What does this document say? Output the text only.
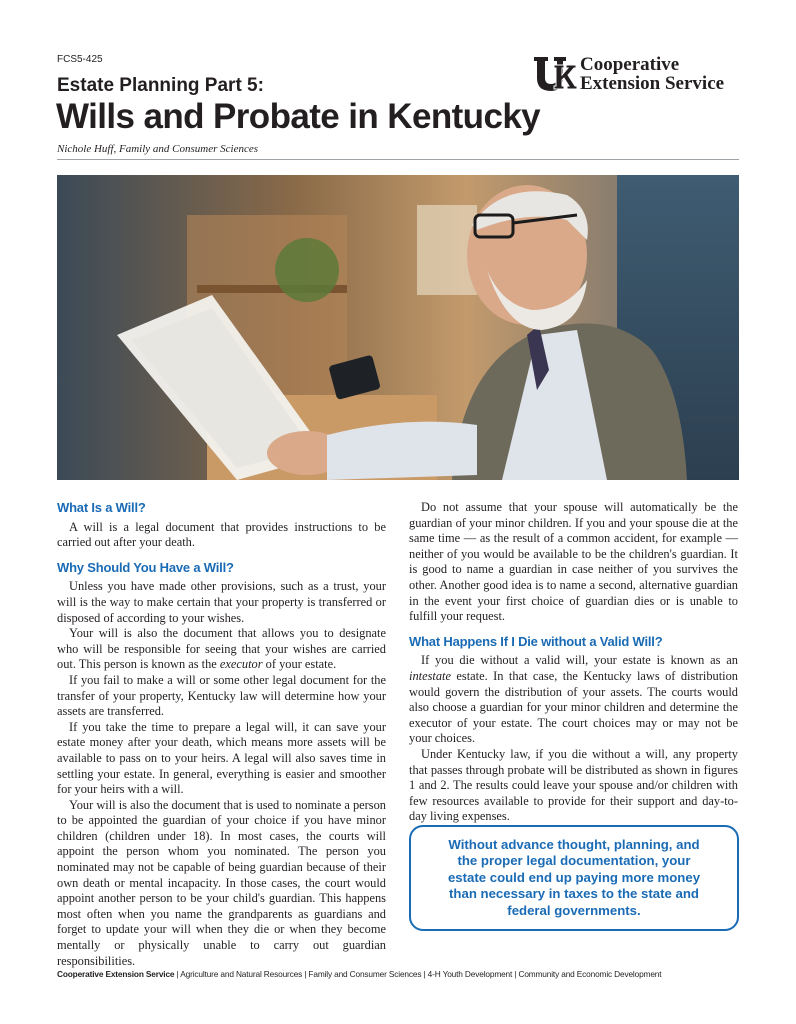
FCS5-425
Estate Planning Part 5:
Wills and Probate in Kentucky
Nichole Huff, Family and Consumer Sciences
Cooperative
Extension Service
What Is a Will?

A will is a legal document that provides instructions to be carried out after your death.

Why Should You Have a Will?

Unless you have made other provisions, such as a trust, your will is the way to make certain that your property is transferred or disposed of according to your wishes.

Your will is also the document that allows you to designate who will be responsible for seeing that your wishes are carried out. This person is known as the executor of your estate.

If you fail to make a will or some other legal document for the transfer of your property, Kentucky law will determine how your assets are transferred.

If you take the time to prepare a legal will, it can save your estate money after your death, which means more assets will be available to pass on to your heirs. A legal will also saves time in settling your estate. In general, everything is easier and smoother for your heirs with a will.

Your will is also the document that is used to nominate a person to be appointed the guardian of your choice if you have minor children (children under 18). In most cases, the courts will appoint the person whom you nominated. The person you nominated may not be capable of being guardian because of their own death or mental incapacity. In those cases, the court would appoint another person to be your child's guardian. This happens most often when you name the grandparents as guardians and forget to update your will when they die or when they become mentally or physically unable to carry out guardian responsibilities.

Do not assume that your spouse will automatically be the guardian of your minor children. If you and your spouse die at the same time — as the result of a common accident, for example — neither of you would be available to be the children's guardian. It is good to name a guardian in case neither of you survives the other. Another good idea is to name a second, alternative guardian in the event your first choice of guardian dies or is unable to fulfill your request.

What Happens If I Die without a Valid Will?

If you die without a valid will, your estate is known as an intestate estate. In that case, the Kentucky laws of distribution would govern the distribution of your assets. The courts would also choose a guardian for your minor children and determine the executor of your estate. The court choices may or may not be your choices.

Under Kentucky law, if you die without a will, any property that passes through probate will be distributed as shown in figures 1 and 2. The results could leave your spouse and/or children with few resources available to provide for their support and day-to-day living expenses.

Without advance thought, planning, and the proper legal documentation, your estate could end up paying more money than necessary in taxes to the state and federal governments.
Cooperative Extension Service | Agriculture and Natural Resources | Family and Consumer Sciences | 4-H Youth Development | Community and Economic Development
